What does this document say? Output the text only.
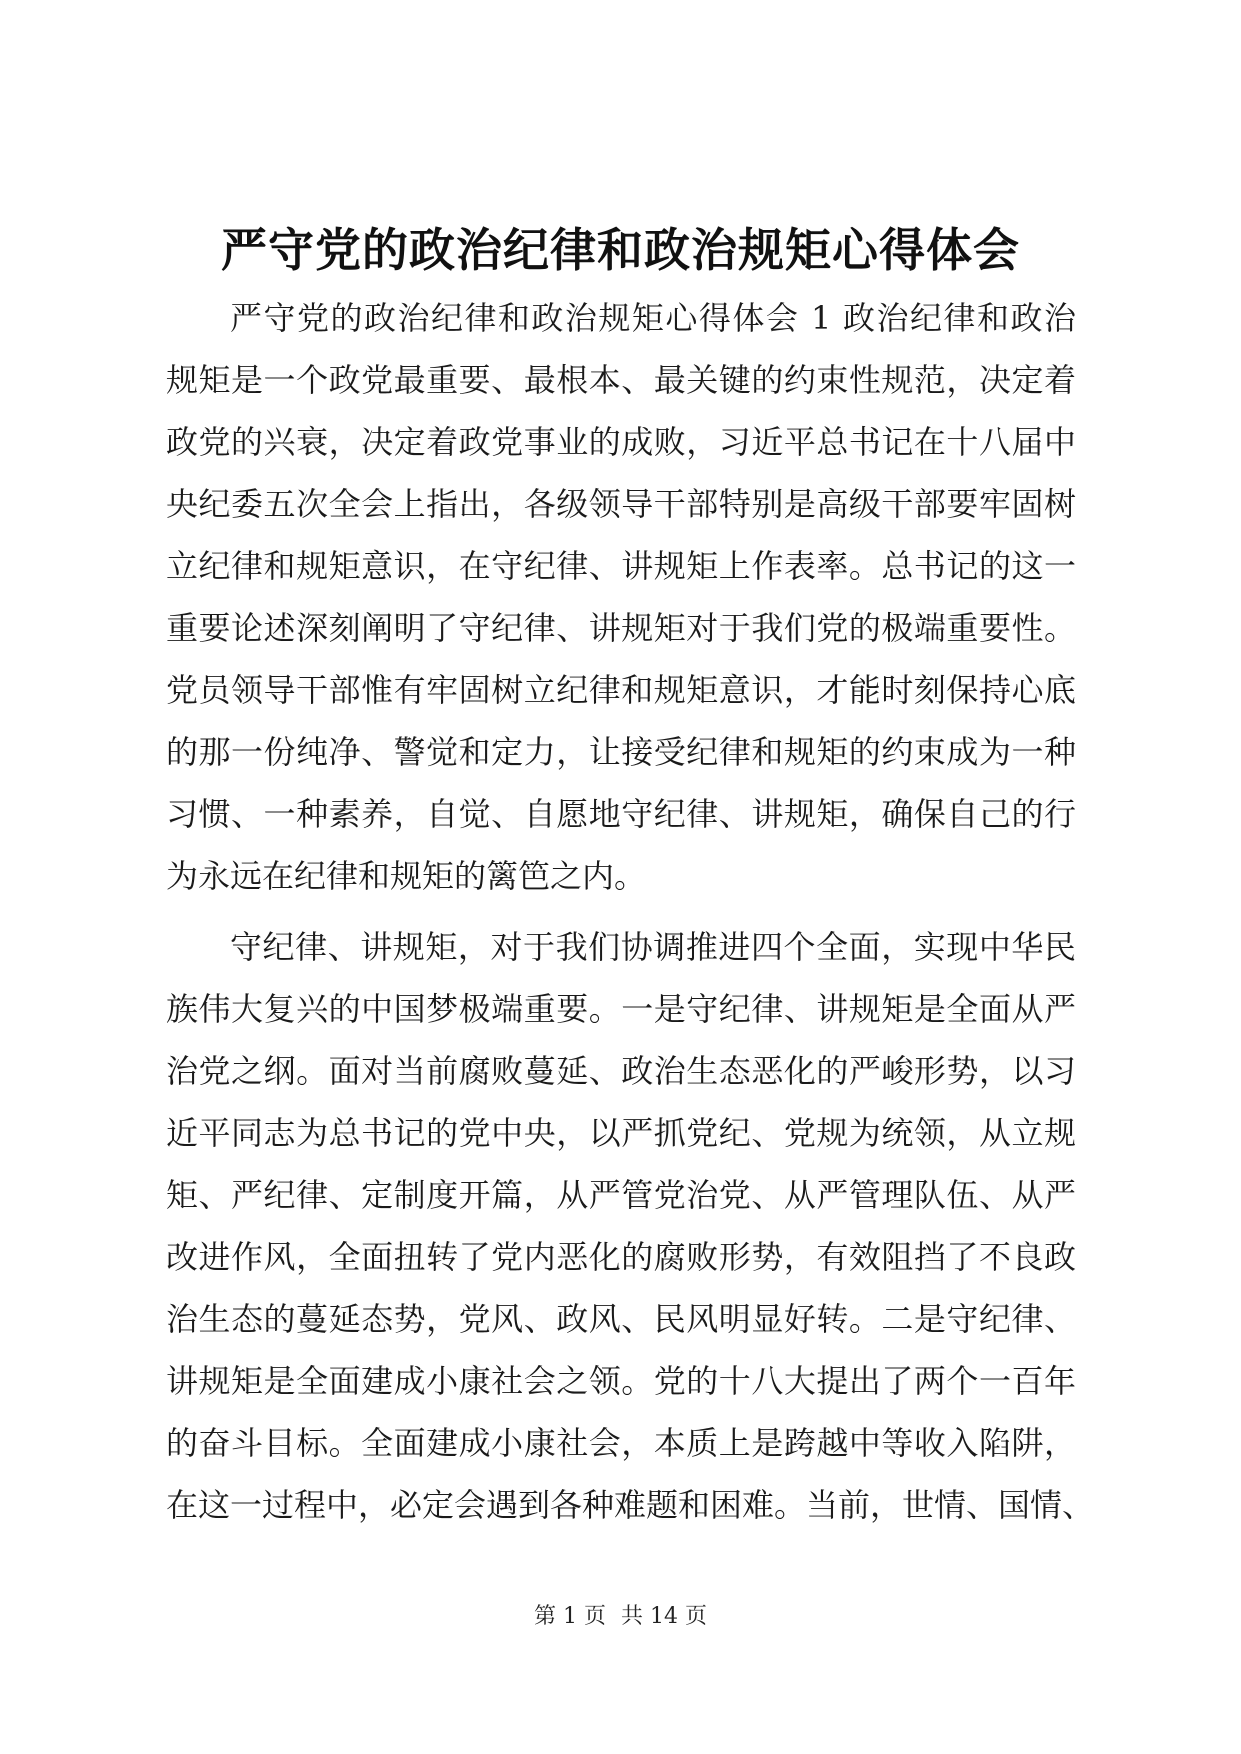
严守党的政治纪律和政治规矩心得体会
严守党的政治纪律和政治规矩心得体会 1 政治纪律和政治
规矩是一个政党最重要、最根本、最关键的约束性规范，决定着
政党的兴衰，决定着政党事业的成败，习近平总书记在十八届中
央纪委五次全会上指出，各级领导干部特别是高级干部要牢固树
立纪律和规矩意识，在守纪律、讲规矩上作表率。总书记的这一
重要论述深刻阐明了守纪律、讲规矩对于我们党的极端重要性。
党员领导干部惟有牢固树立纪律和规矩意识，才能时刻保持心底
的那一份纯净、警觉和定力，让接受纪律和规矩的约束成为一种
习惯、一种素养，自觉、自愿地守纪律、讲规矩，确保自己的行
为永远在纪律和规矩的篱笆之内。
守纪律、讲规矩，对于我们协调推进四个全面，实现中华民
族伟大复兴的中国梦极端重要。一是守纪律、讲规矩是全面从严
治党之纲。面对当前腐败蔓延、政治生态恶化的严峻形势，以习
近平同志为总书记的党中央，以严抓党纪、党规为统领，从立规
矩、严纪律、定制度开篇，从严管党治党、从严管理队伍、从严
改进作风，全面扭转了党内恶化的腐败形势，有效阻挡了不良政
治生态的蔓延态势，党风、政风、民风明显好转。二是守纪律、
讲规矩是全面建成小康社会之领。党的十八大提出了两个一百年
的奋斗目标。全面建成小康社会，本质上是跨越中等收入陷阱，
在这一过程中，必定会遇到各种难题和困难。当前，世情、国情、
第 1 页 共 14 页
